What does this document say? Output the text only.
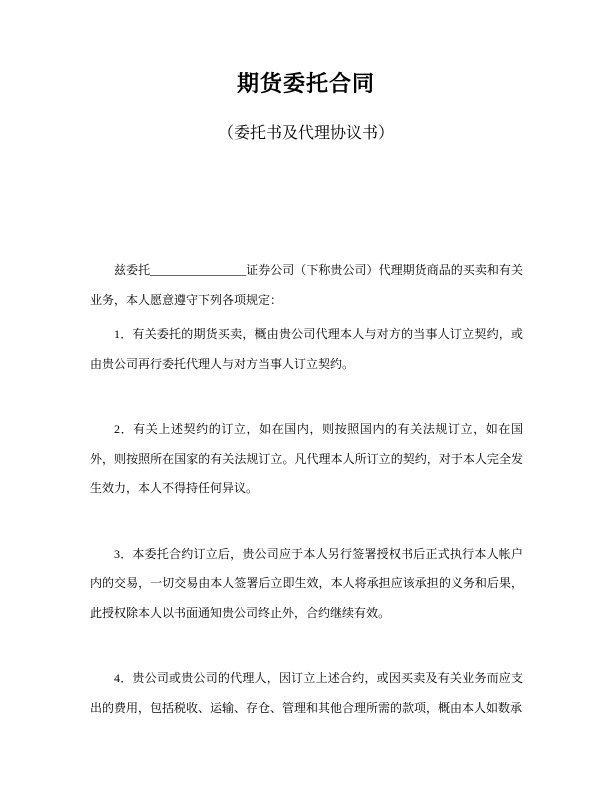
期货委托合同
（委托书及代理协议书）

兹委托________________证券公司（下称贵公司）代理期货商品的买卖和有关业务，本人愿意遵守下列各项规定：

1．有关委托的期货买卖，概由贵公司代理本人与对方的当事人订立契约，或由贵公司再行委托代理人与对方当事人订立契约。

2．有关上述契约的订立，如在国内，则按照国内的有关法规订立，如在国外，则按照所在国家的有关法规订立。凡代理本人所订立的契约，对于本人完全发生效力，本人不得持任何异议。

3．本委托合约订立后，贵公司应于本人另行签署授权书后正式执行本人帐户内的交易，一切交易由本人签署后立即生效，本人将承担应该承担的义务和后果，此授权除本人以书面通知贵公司终止外，合约继续有效。

4．贵公司或贵公司的代理人，因订立上述合约，或因买卖及有关业务而应支出的费用，包括税收、运输、存仓、管理和其他合理所需的款项，概由本人如数承
